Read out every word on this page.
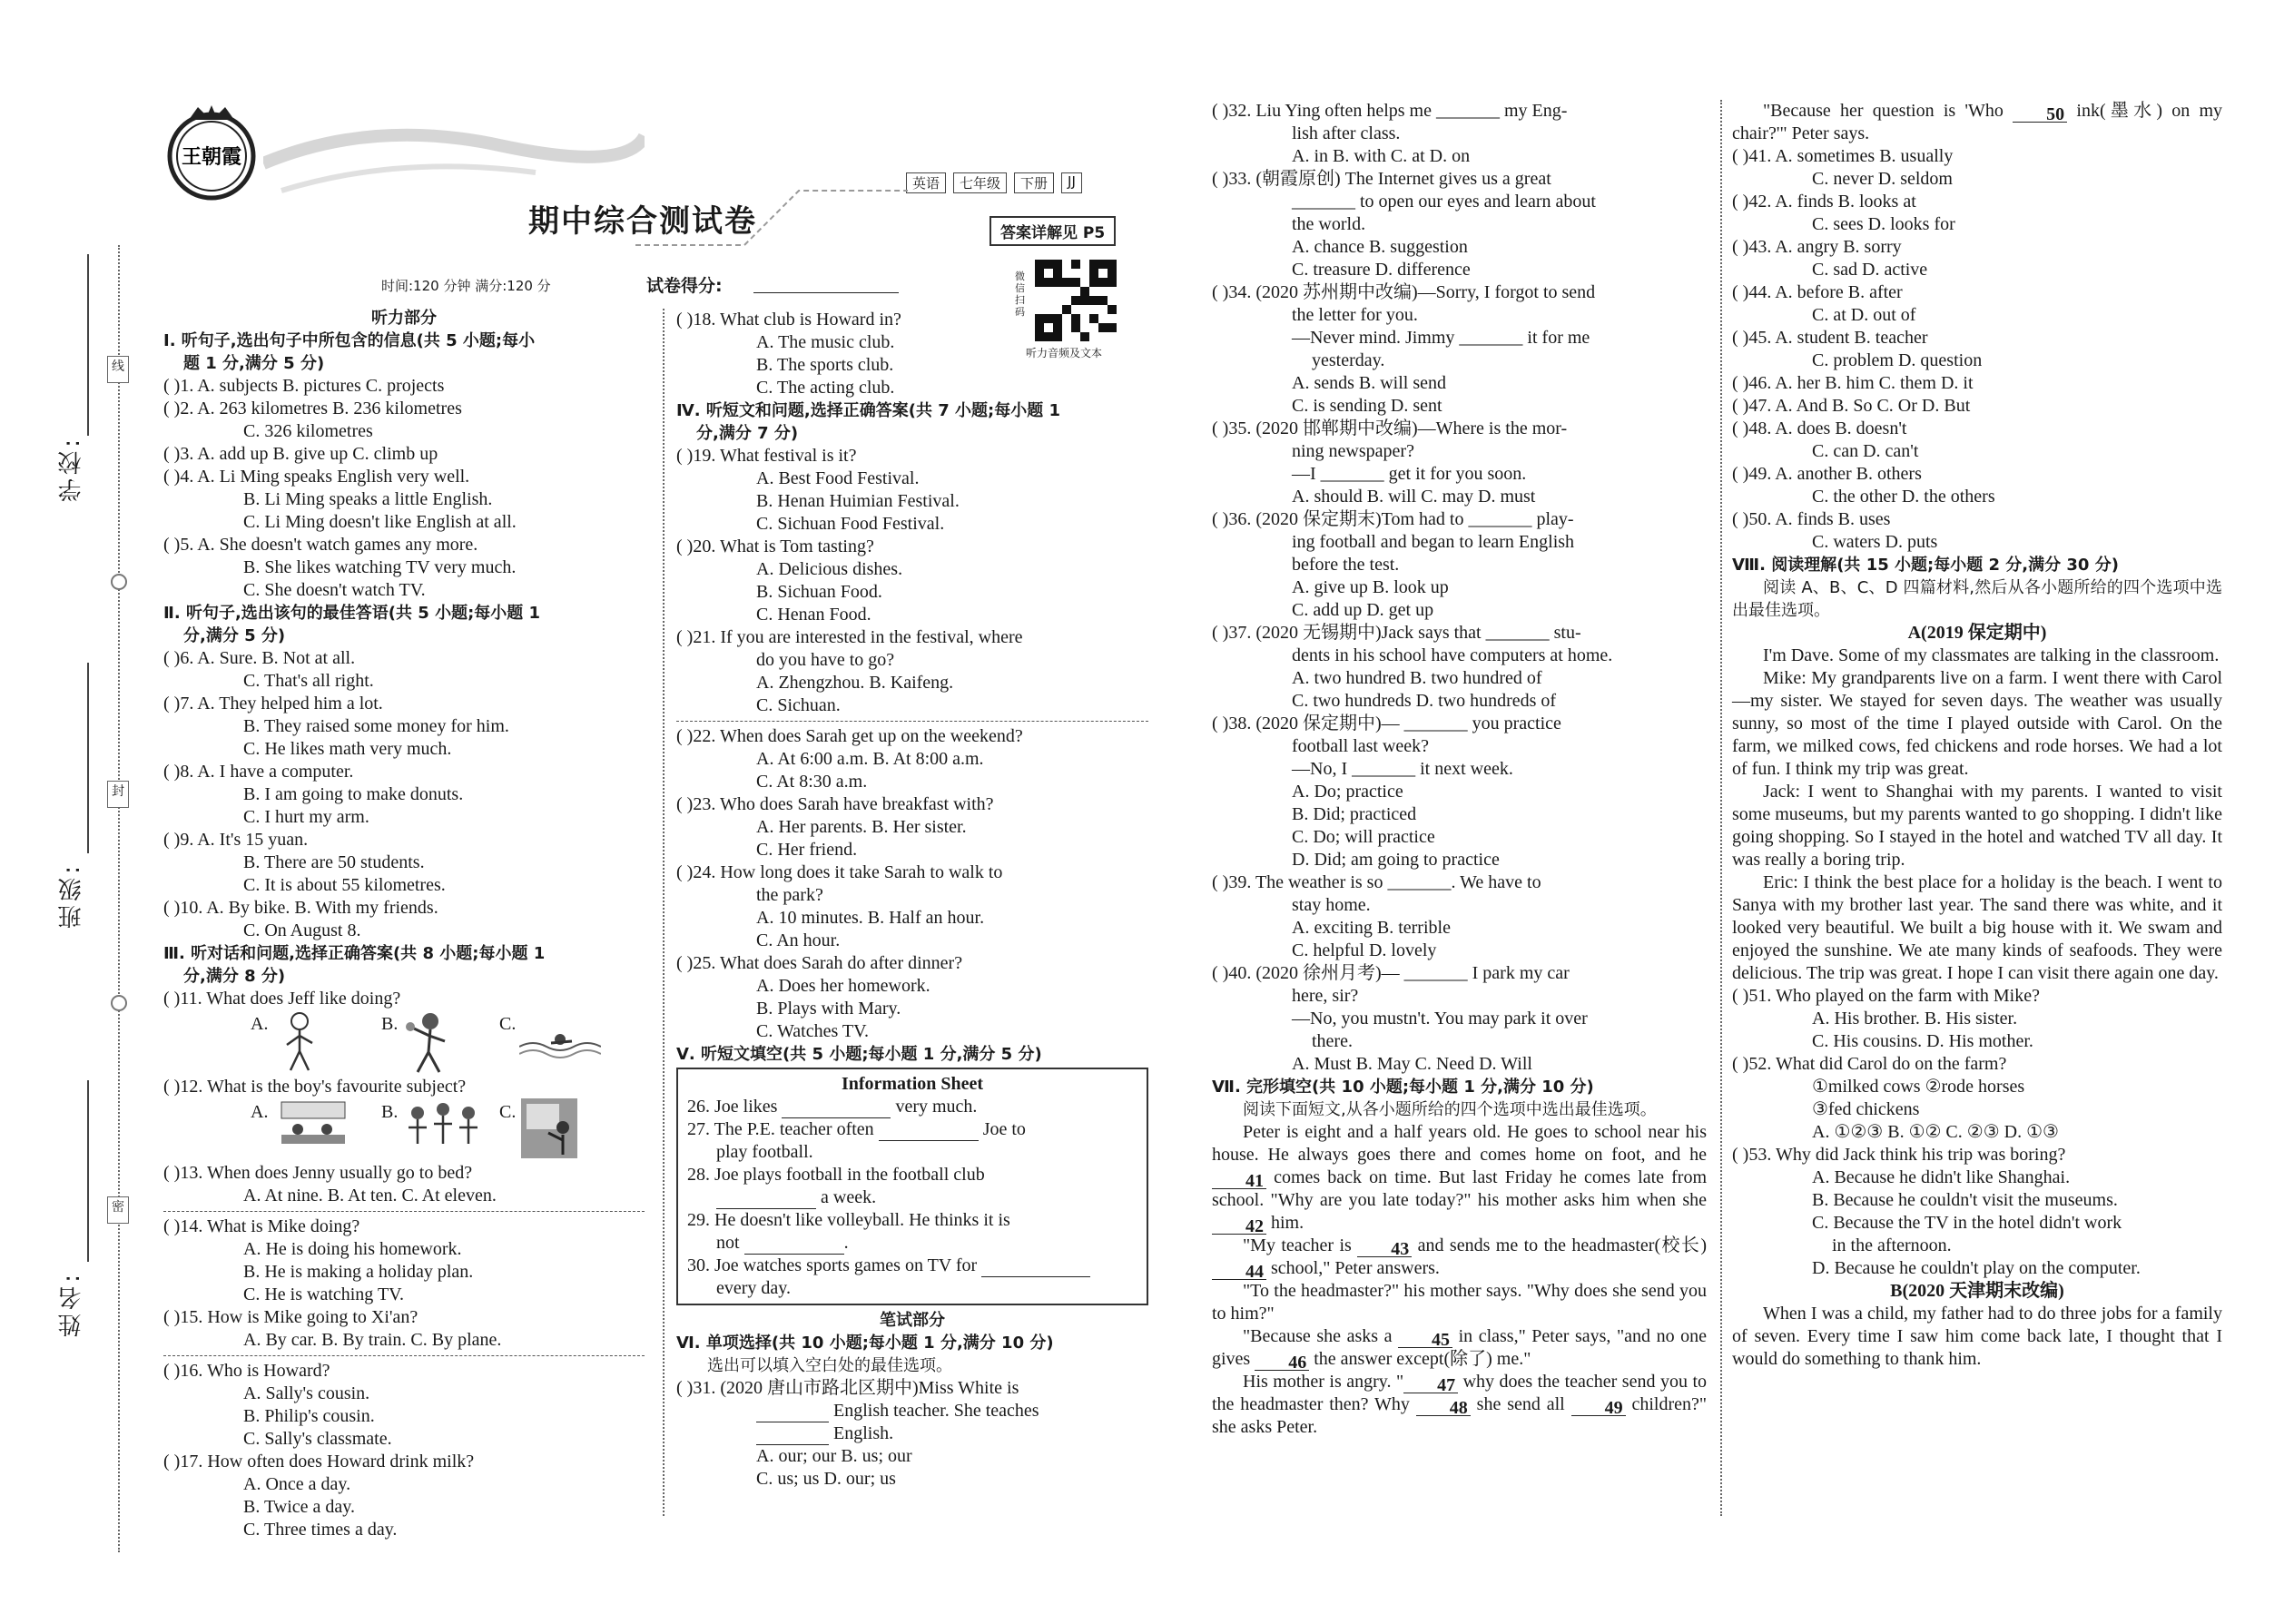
学校:
班级:
姓名:
线
封
密
王朝霞
期中综合测试卷
英语	七年级	下册	JJ
答案详解见 P5
时间:120 分钟 满分:120 分	试卷得分:	微信扫码
听力音频及文本
听力部分
Ⅰ. 听句子,选出句子中所包含的信息(共 5 小题;每小
题 1 分,满分 5 分)
( )1. A. subjects B. pictures C. projects
( )2. A. 263 kilometres B. 236 kilometres
C. 326 kilometres
( )3. A. add up B. give up C. climb up
( )4. A. Li Ming speaks English very well.
B. Li Ming speaks a little English.
C. Li Ming doesn't like English at all.
( )5. A. She doesn't watch games any more.
B. She likes watching TV very much.
C. She doesn't watch TV.
Ⅱ. 听句子,选出该句的最佳答语(共 5 小题;每小题 1
分,满分 5 分)
( )6. A. Sure. B. Not at all.
C. That's all right.
( )7. A. They helped him a lot.
B. They raised some money for him.
C. He likes math very much.
( )8. A. I have a computer.
B. I am going to make donuts.
C. I hurt my arm.
( )9. A. It's 15 yuan.
B. There are 50 students.
C. It is about 55 kilometres.
( )10. A. By bike. B. With my friends.
C. On August 8.
Ⅲ. 听对话和问题,选择正确答案(共 8 小题;每小题 1
分,满分 8 分)
( )11. What does Jeff like doing?
A.	B.	C.
( )12. What is the boy's favourite subject?
A.	B.	C.
( )13. When does Jenny usually go to bed?
A. At nine. B. At ten. C. At eleven.
( )14. What is Mike doing?
A. He is doing his homework.
B. He is making a holiday plan.
C. He is watching TV.
( )15. How is Mike going to Xi'an?
A. By car. B. By train. C. By plane.
( )16. Who is Howard?
A. Sally's cousin.
B. Philip's cousin.
C. Sally's classmate.
( )17. How often does Howard drink milk?
A. Once a day.
B. Twice a day.
C. Three times a day.
( )18. What club is Howard in?
A. The music club.
B. The sports club.
C. The acting club.
Ⅳ. 听短文和问题,选择正确答案(共 7 小题;每小题 1
分,满分 7 分)
( )19. What festival is it?
A. Best Food Festival.
B. Henan Huimian Festival.
C. Sichuan Food Festival.
( )20. What is Tom tasting?
A. Delicious dishes.
B. Sichuan Food.
C. Henan Food.
( )21. If you are interested in the festival, where
do you have to go?
A. Zhengzhou. B. Kaifeng.
C. Sichuan.
( )22. When does Sarah get up on the weekend?
A. At 6:00 a.m. B. At 8:00 a.m.
C. At 8:30 a.m.
( )23. Who does Sarah have breakfast with?
A. Her parents. B. Her sister.
C. Her friend.
( )24. How long does it take Sarah to walk to
the park?
A. 10 minutes. B. Half an hour.
C. An hour.
( )25. What does Sarah do after dinner?
A. Does her homework.
B. Plays with Mary.
C. Watches TV.
Ⅴ. 听短文填空(共 5 小题;每小题 1 分,满分 5 分)
Information Sheet
26. Joe likes	very much.
27. The P.E. teacher often	Joe to
play football.
28. Joe plays football in the football club
a week.
29. He doesn't like volleyball. He thinks it is
not	.
30. Joe watches sports games on TV for
every day.
笔试部分
Ⅵ. 单项选择(共 10 小题;每小题 1 分,满分 10 分)
选出可以填入空白处的最佳选项。
( )31. (2020 唐山市路北区期中)Miss White is
English teacher. She teaches
English.
A. our; our B. us; our
C. us; us D. our; us
( )32. Liu Ying often helps me _______ my Eng-
lish after class.
A. in B. with C. at D. on
( )33. (朝霞原创) The Internet gives us a great
_______ to open our eyes and learn about
the world.
A. chance B. suggestion
C. treasure D. difference
( )34. (2020 苏州期中改编)—Sorry, I forgot to send
the letter for you.
—Never mind. Jimmy _______ it for me
yesterday.
A. sends B. will send
C. is sending D. sent
( )35. (2020 邯郸期中改编)—Where is the mor-
ning newspaper?
—I _______ get it for you soon.
A. should B. will C. may D. must
( )36. (2020 保定期末)Tom had to _______ play-
ing football and began to learn English
before the test.
A. give up B. look up
C. add up D. get up
( )37. (2020 无锡期中)Jack says that _______ stu-
dents in his school have computers at home.
A. two hundred B. two hundred of
C. two hundreds D. two hundreds of
( )38. (2020 保定期中)— _______ you practice
football last week?
—No, I _______ it next week.
A. Do; practice
B. Did; practiced
C. Do; will practice
D. Did; am going to practice
( )39. The weather is so _______. We have to
stay home.
A. exciting B. terrible
C. helpful D. lovely
( )40. (2020 徐州月考)— _______ I park my car
here, sir?
—No, you mustn't. You may park it over
there.
A. Must B. May C. Need D. Will
Ⅶ. 完形填空(共 10 小题;每小题 1 分,满分 10 分)
阅读下面短文,从各小题所给的四个选项中选出最佳选项。
Peter is eight and a half years old. He goes to school near his house. He always goes there and comes home on foot, and he 41 comes back on time. But last Friday he comes late from school. "Why are you late today?" his mother asks him when she 42 him.
"My teacher is 43 and sends me to the headmaster(校长) 44 school," Peter answers.
"To the headmaster?" his mother says. "Why does she send you to him?"
"Because she asks a 45 in class," Peter says, "and no one gives 46 the answer except(除了) me."
His mother is angry. " 47 why does the teacher send you to the headmaster then? Why 48 she send all 49 children?" she asks Peter.
"Because her question is 'Who 50 ink(墨水) on my chair?'" Peter says.
( )41. A. sometimes B. usually
C. never D. seldom
( )42. A. finds B. looks at
C. sees D. looks for
( )43. A. angry B. sorry
C. sad D. active
( )44. A. before B. after
C. at D. out of
( )45. A. student B. teacher
C. problem D. question
( )46. A. her B. him C. them D. it
( )47. A. And B. So C. Or D. But
( )48. A. does B. doesn't
C. can D. can't
( )49. A. another B. others
C. the other D. the others
( )50. A. finds B. uses
C. waters D. puts
Ⅷ. 阅读理解(共 15 小题;每小题 2 分,满分 30 分)
阅读 A、B、C、D 四篇材料,然后从各小题所给的四个选项中选出最佳选项。
A(2019 保定期中)
I'm Dave. Some of my classmates are talking in the classroom.
Mike: My grandparents live on a farm. I went there with Carol—my sister. We stayed for seven days. The weather was usually sunny, so most of the time I played outside with Carol. On the farm, we milked cows, fed chickens and rode horses. We had a lot of fun. I think my trip was great.
Jack: I went to Shanghai with my parents. I wanted to visit some museums, but my parents wanted to go shopping. I didn't like going shopping. So I stayed in the hotel and watched TV all day. It was really a boring trip.
Eric: I think the best place for a holiday is the beach. I went to Sanya with my brother last year. The sand there was white, and it looked very beautiful. We built a big house with it. We swam and enjoyed the sunshine. We ate many kinds of seafoods. They were delicious. The trip was great. I hope I can visit there again one day.
( )51. Who played on the farm with Mike?
A. His brother. B. His sister.
C. His cousins. D. His mother.
( )52. What did Carol do on the farm?
①milked cows ②rode horses
③fed chickens
A. ①②③ B. ①② C. ②③ D. ①③
( )53. Why did Jack think his trip was boring?
A. Because he didn't like Shanghai.
B. Because he couldn't visit the museums.
C. Because the TV in the hotel didn't work
in the afternoon.
D. Because he couldn't play on the computer.
B(2020 天津期末改编)
When I was a child, my father had to do three jobs for a family of seven. Every time I saw him come back late, I thought that I would do something to thank him.
